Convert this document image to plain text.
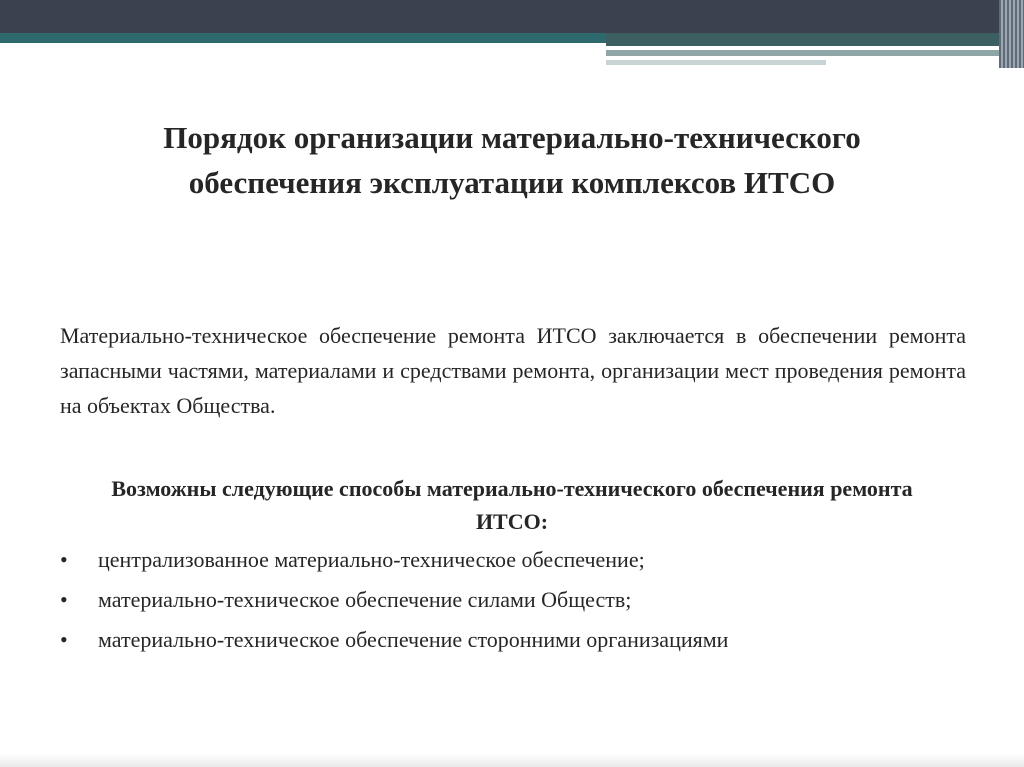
Порядок организации материально-технического обеспечения эксплуатации комплексов ИТСО
Материально-техническое обеспечение ремонта ИТСО заключается в обеспечении ремонта запасными частями, материалами и средствами ремонта, организации мест проведения ремонта на объектах Общества.
Возможны следующие способы материально-технического обеспечения ремонта ИТСО:
•	централизованное материально-техническое обеспечение;
•	материально-техническое обеспечение силами Обществ;
•	материально-техническое обеспечение сторонними организациями
